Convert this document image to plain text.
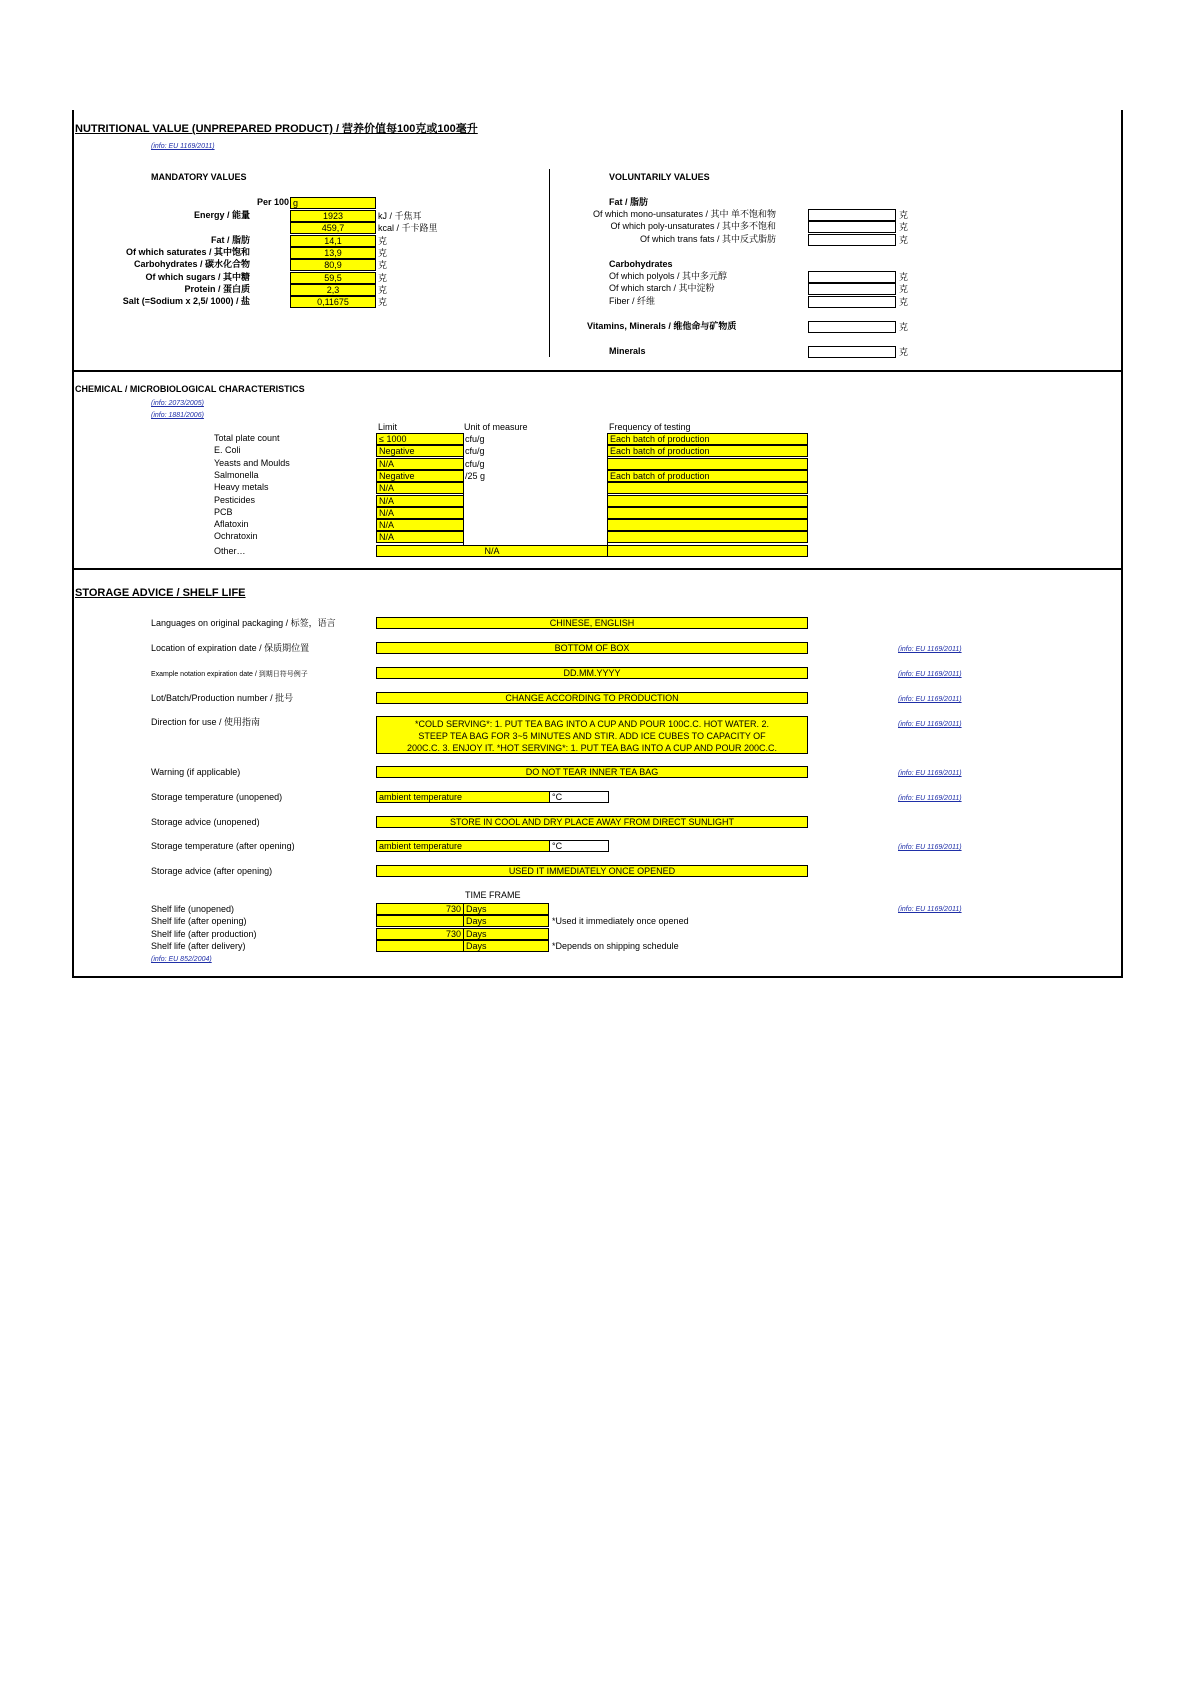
NUTRITIONAL VALUE (UNPREPARED PRODUCT) / 营养价值每100克或100毫升
(info: EU 1169/2011)
MANDATORY VALUES	VOLUNTARILY VALUES
Per 100 g
Energy / 能量	1923	kJ / 千焦耳
459,7	kcal / 千卡路里
Fat / 脂肪	14,1	克
Of which saturates / 其中饱和	13,9	克
Carbohydrates / 碳水化合物	80,9	克
Of which sugars / 其中糖	59,5	克
Protein / 蛋白质	2,3	克
Salt (=Sodium x 2,5/ 1000) / 盐	0,11675	克
Fat / 脂肪
Of which mono-unsaturates / 其中 单不饱和物	克
Of which poly-unsaturates / 其中多不饱和	克
Of which trans fats / 其中反式脂肪	克
Carbohydrates
Of which polyols / 其中多元醇	克
Of which starch / 其中淀粉	克
Fiber / 纤维	克
Vitamins, Minerals / 维他命与矿物质	克
Minerals	克
CHEMICAL / MICROBIOLOGICAL CHARACTERISTICS
(info: 2073/2005)
(info: 1881/2006)
Limit	Unit of measure	Frequency of testing
Total plate count	≤ 1000	cfu/g	Each batch of production
E. Coli	Negative	cfu/g	Each batch of production
Yeasts and Moulds	N/A	cfu/g
Salmonella	Negative	/25 g	Each batch of production
Heavy metals	N/A
Pesticides	N/A
PCB	N/A
Aflatoxin	N/A
Ochratoxin	N/A
Other…	N/A
STORAGE ADVICE / SHELF LIFE
Languages on original packaging / 标签，语言	CHINESE, ENGLISH
Location of expiration date / 保质期位置	BOTTOM OF BOX	(info: EU 1169/2011)
Example notation expiration date / 到期日符号例子	DD.MM.YYYY	(info: EU 1169/2011)
Lot/Batch/Production number / 批号	CHANGE ACCORDING TO PRODUCTION	(info: EU 1169/2011)
Direction for use / 使用指南	*COLD SERVING*: 1. PUT TEA BAG INTO A CUP AND POUR 100C.C. HOT WATER. 2.
STEEP TEA BAG FOR 3~5 MINUTES AND STIR. ADD ICE CUBES TO CAPACITY OF
200C.C. 3. ENJOY IT. *HOT SERVING*: 1. PUT TEA BAG INTO A CUP AND POUR 200C.C.
(info: EU 1169/2011)
Warning (if applicable)	DO NOT TEAR INNER TEA BAG	(info: EU 1169/2011)
Storage temperature (unopened)	ambient temperature	°C	(info: EU 1169/2011)
Storage advice (unopened)	STORE IN COOL AND DRY PLACE AWAY FROM DIRECT SUNLIGHT
Storage temperature (after opening)	ambient temperature	°C	(info: EU 1169/2011)
Storage advice (after opening)	USED IT IMMEDIATELY ONCE OPENED
TIME FRAME
Shelf life (unopened)	730 Days
Shelf life (after opening)	Days	*Used it immediately once opened
Shelf life (after production)	730 Days
Shelf life (after delivery)	Days	*Depends on shipping schedule
(info: EU 1169/2011)
(info: EU 852/2004)
